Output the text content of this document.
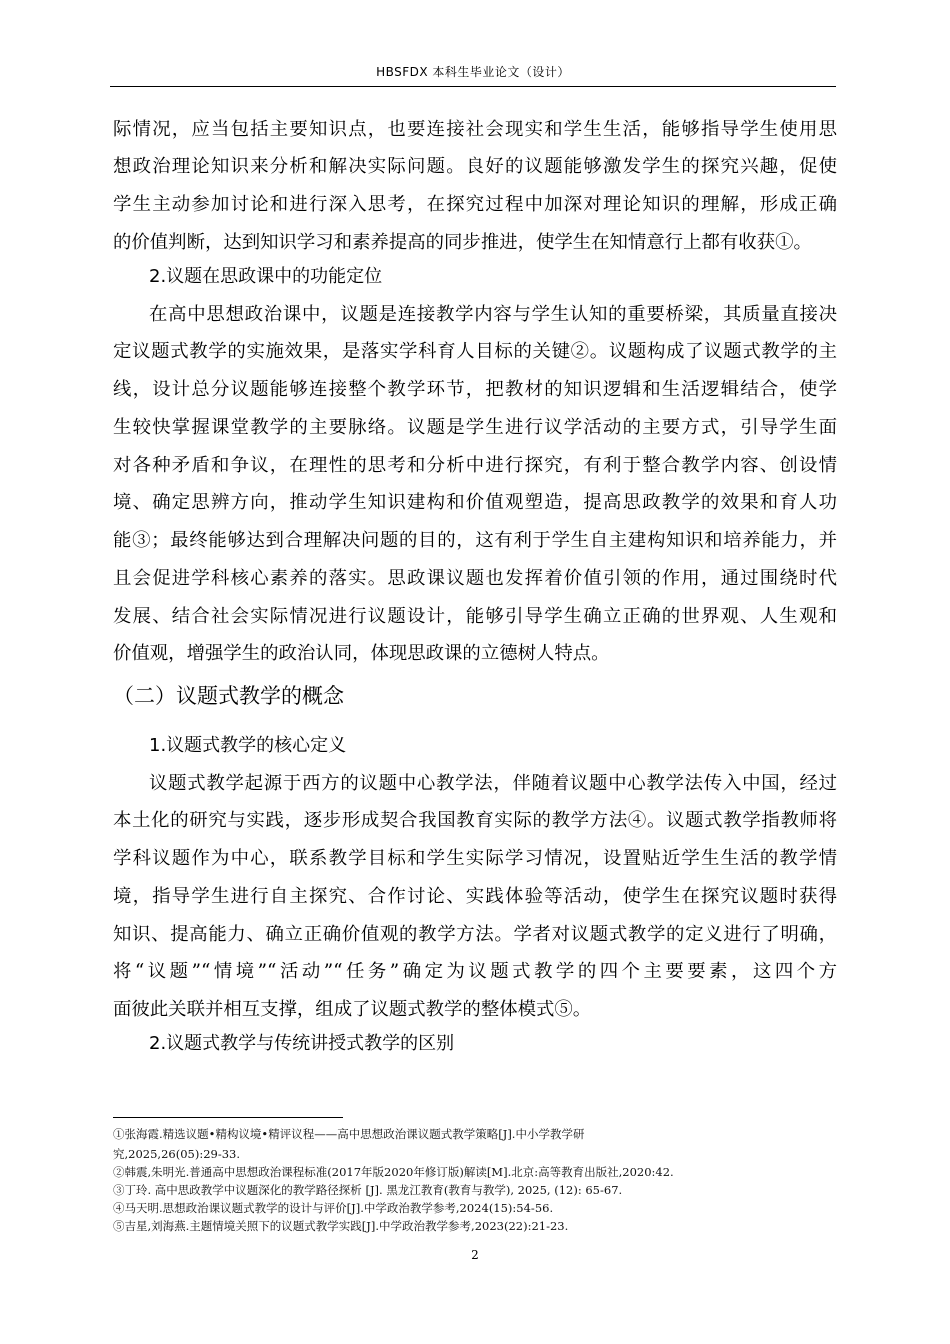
HBSFDX 本科生毕业论文（设计）
际情况，应当包括主要知识点，也要连接社会现实和学生生活，能够指导学生使用思
想政治理论知识来分析和解决实际问题。良好的议题能够激发学生的探究兴趣，促使
学生主动参加讨论和进行深入思考，在探究过程中加深对理论知识的理解，形成正确
的价值判断，达到知识学习和素养提高的同步推进，使学生在知情意行上都有收获①。
2.议题在思政课中的功能定位
在高中思想政治课中，议题是连接教学内容与学生认知的重要桥梁，其质量直接决
定议题式教学的实施效果，是落实学科育人目标的关键②。议题构成了议题式教学的主
线，设计总分议题能够连接整个教学环节，把教材的知识逻辑和生活逻辑结合，使学
生较快掌握课堂教学的主要脉络。议题是学生进行议学活动的主要方式，引导学生面
对各种矛盾和争议，在理性的思考和分析中进行探究，有利于整合教学内容、创设情
境、确定思辨方向，推动学生知识建构和价值观塑造，提高思政教学的效果和育人功
能③；最终能够达到合理解决问题的目的，这有利于学生自主建构知识和培养能力，并
且会促进学科核心素养的落实。思政课议题也发挥着价值引领的作用，通过围绕时代
发展、结合社会实际情况进行议题设计，能够引导学生确立正确的世界观、人生观和
价值观，增强学生的政治认同，体现思政课的立德树人特点。
（二）议题式教学的概念
1.议题式教学的核心定义
议题式教学起源于西方的议题中心教学法，伴随着议题中心教学法传入中国，经过
本土化的研究与实践，逐步形成契合我国教育实际的教学方法④。议题式教学指教师将
学科议题作为中心，联系教学目标和学生实际学习情况，设置贴近学生生活的教学情
境，指导学生进行自主探究、合作讨论、实践体验等活动，使学生在探究议题时获得
知识、提高能力、确立正确价值观的教学方法。学者对议题式教学的定义进行了明确，
将“议题”“情境”“活动”“任务”确定为议题式教学的四个主要要素，这四个方
面彼此关联并相互支撑，组成了议题式教学的整体模式⑤。
2.议题式教学与传统讲授式教学的区别
①张海霞.精选议题•精构议境•精评议程——高中思想政治课议题式教学策略[J].中小学教学研
究,2025,26(05):29-33.
②韩震,朱明光.普通高中思想政治课程标准(2017年版2020年修订版)解读[M].北京:高等教育出版社,2020:42.
③丁玲. 高中思政教学中议题深化的教学路径探析 [J]. 黑龙江教育(教育与教学), 2025, (12): 65-67.
④马天明.思想政治课议题式教学的设计与评价[J].中学政治教学参考,2024(15):54-56.
⑤吉星,刘海燕.主题情境关照下的议题式教学实践[J].中学政治教学参考,2023(22):21-23.
2
